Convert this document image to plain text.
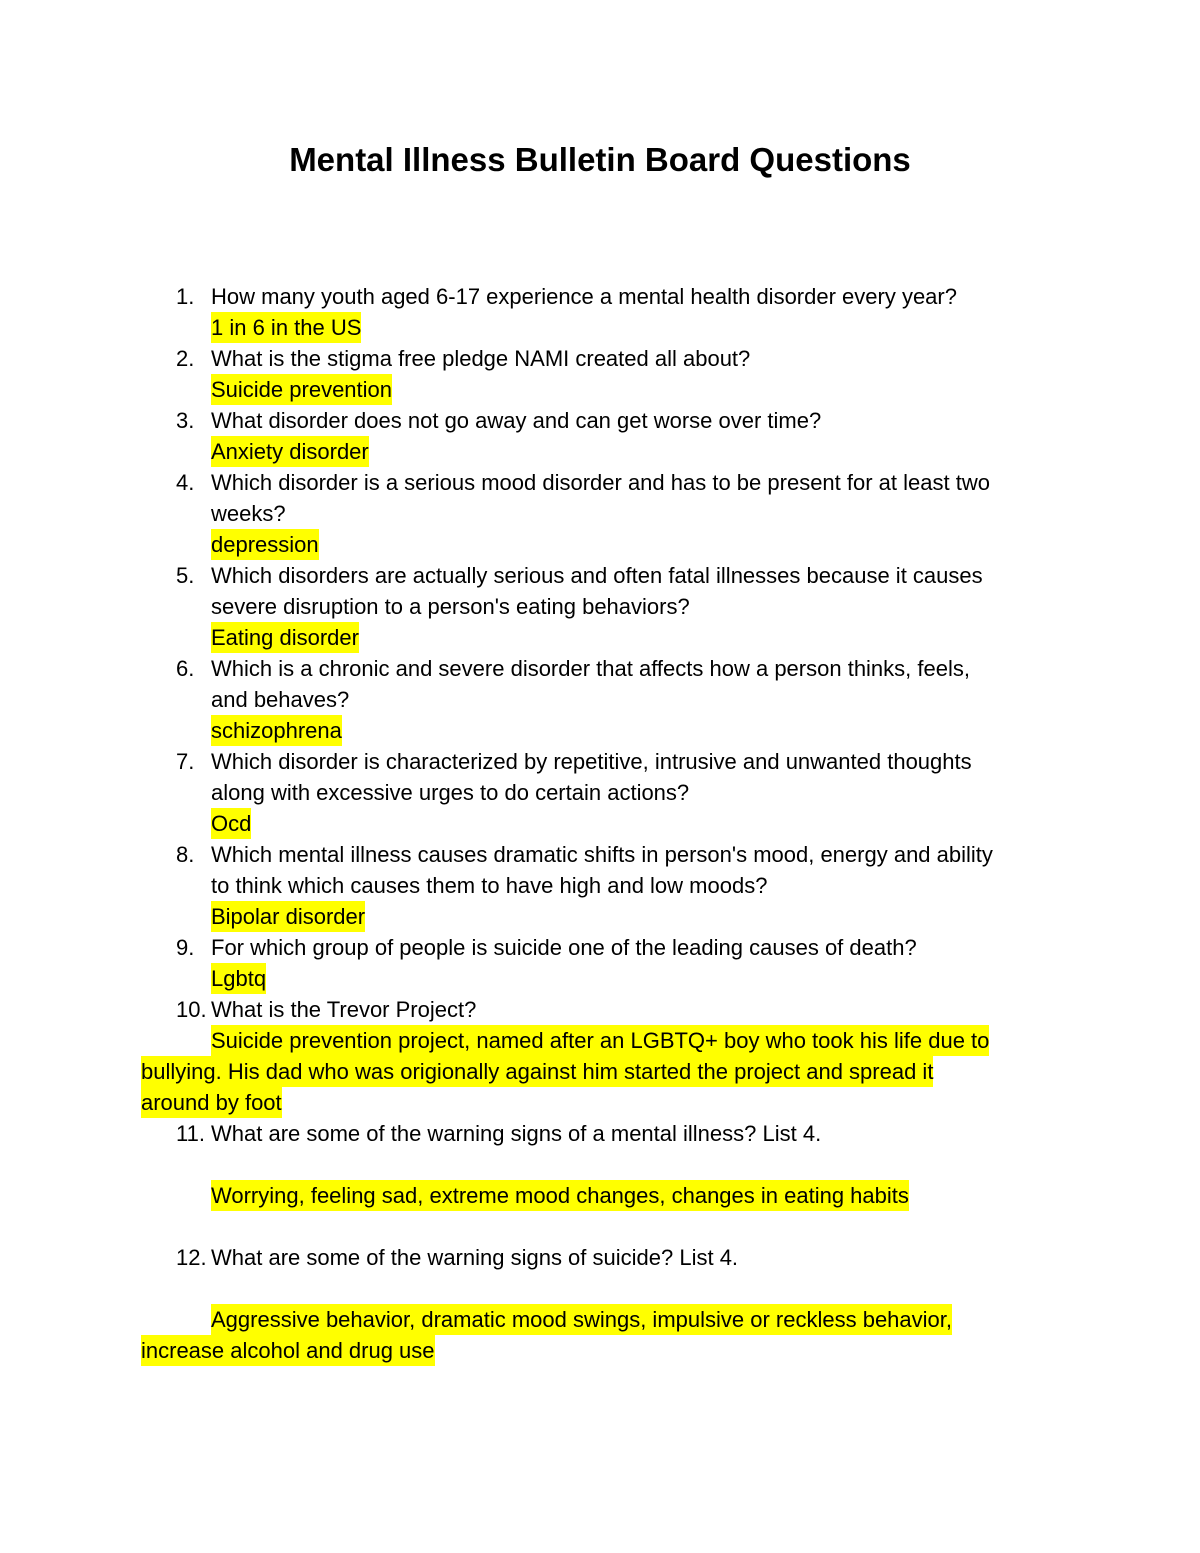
Mental Illness Bulletin Board Questions
1. How many youth aged 6-17 experience a mental health disorder every year?
1 in 6 in the US
2. What is the stigma free pledge NAMI created all about?
Suicide prevention
3. What disorder does not go away and can get worse over time?
Anxiety disorder
4. Which disorder is a serious mood disorder and has to be present for at least two
weeks?
depression
5. Which disorders are actually serious and often fatal illnesses because it causes
severe disruption to a person's eating behaviors?
Eating disorder
6. Which is a chronic and severe disorder that affects how a person thinks, feels,
and behaves?
schizophrena
7. Which disorder is characterized by repetitive, intrusive and unwanted thoughts
along with excessive urges to do certain actions?
Ocd
8. Which mental illness causes dramatic shifts in person's mood, energy and ability
to think which causes them to have high and low moods?
Bipolar disorder
9. For which group of people is suicide one of the leading causes of death?
Lgbtq
10. What is the Trevor Project?
Suicide prevention project, named after an LGBTQ+ boy who took his life due to
bullying. His dad who was origionally against him started the project and spread it
around by foot
11. What are some of the warning signs of a mental illness? List 4.
Worrying, feeling sad, extreme mood changes, changes in eating habits
12. What are some of the warning signs of suicide? List 4.
Aggressive behavior, dramatic mood swings, impulsive or reckless behavior,
increase alcohol and drug use
